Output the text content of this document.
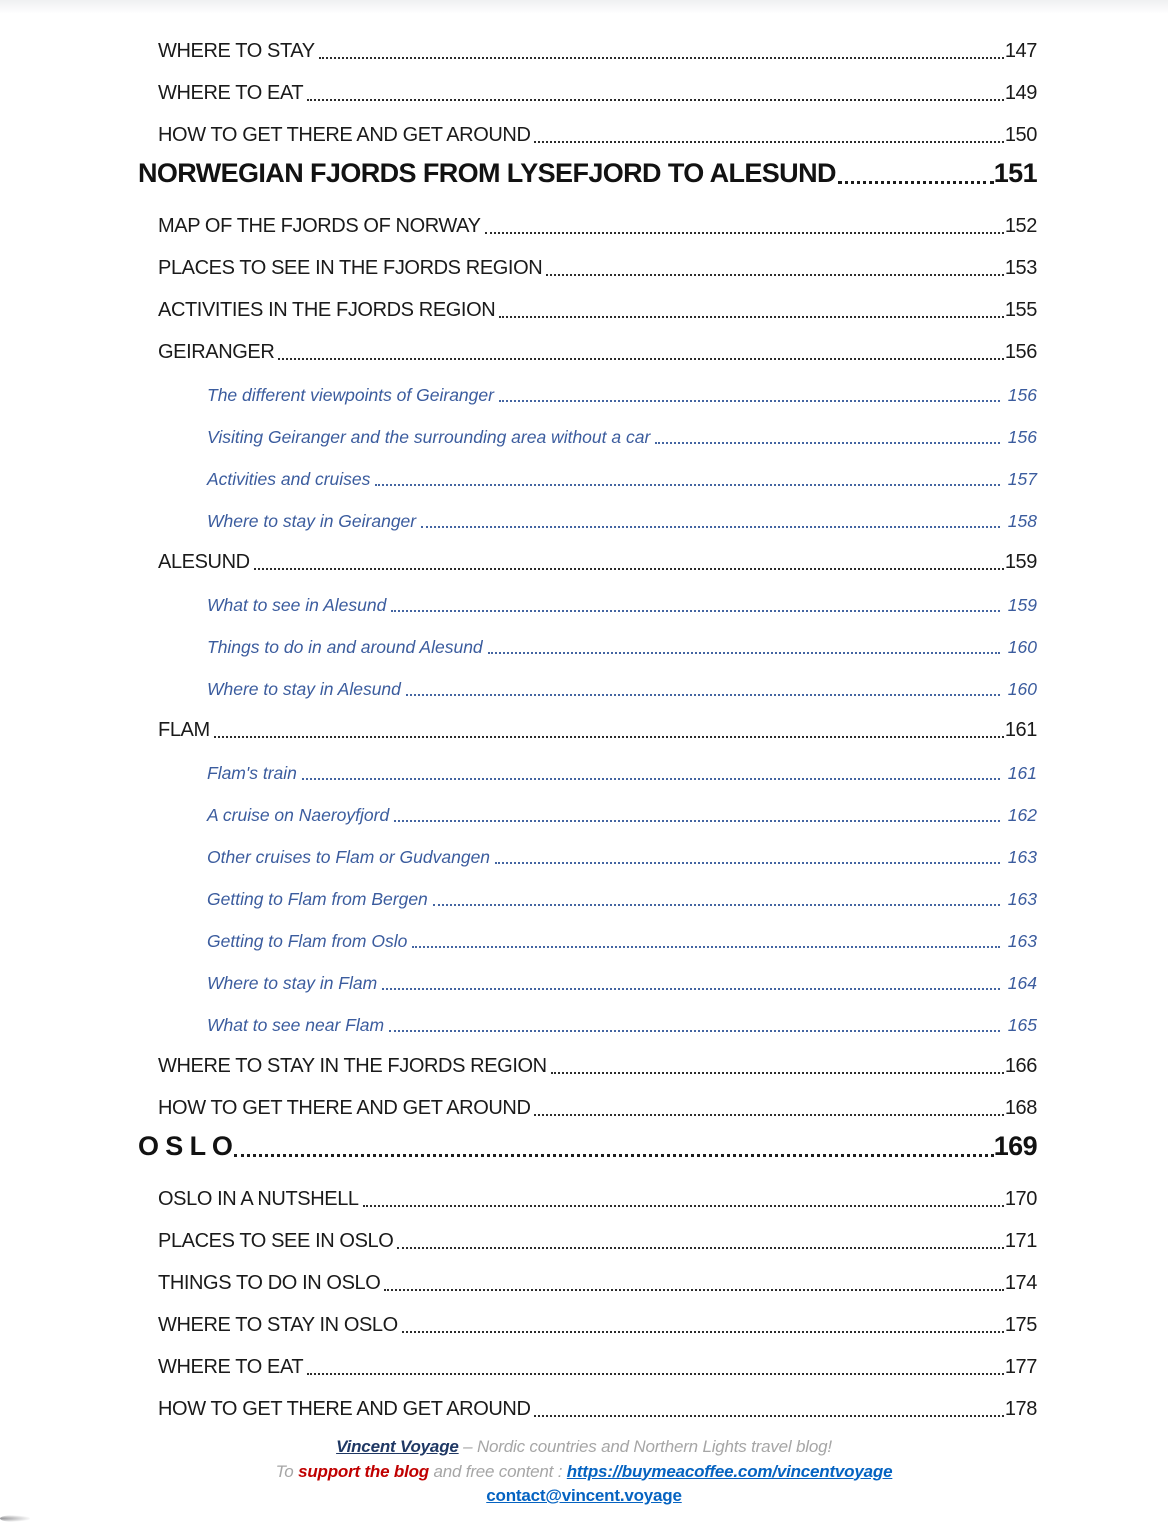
WHERE TO STAY	147
WHERE TO EAT	149
HOW TO GET THERE AND GET AROUND	150
NORWEGIAN FJORDS FROM LYSEFJORD TO ALESUND	151
MAP OF THE FJORDS OF NORWAY	152
PLACES TO SEE IN THE FJORDS REGION	153
ACTIVITIES IN THE FJORDS REGION	155
GEIRANGER	156
The different viewpoints of Geiranger	156
Visiting Geiranger and the surrounding area without a car	156
Activities and cruises	157
Where to stay in Geiranger	158
ALESUND	159
What to see in Alesund	159
Things to do in and around Alesund	160
Where to stay in Alesund	160
FLAM	161
Flam's train	161
A cruise on Naeroyfjord	162
Other cruises to Flam or Gudvangen	163
Getting to Flam from Bergen	163
Getting to Flam from Oslo	163
Where to stay in Flam	164
What to see near Flam	165
WHERE TO STAY IN THE FJORDS REGION	166
HOW TO GET THERE AND GET AROUND	168
O S L O	169
OSLO IN A NUTSHELL	170
PLACES TO SEE IN OSLO	171
THINGS TO DO IN OSLO	174
WHERE TO STAY IN OSLO	175
WHERE TO EAT	177
HOW TO GET THERE AND GET AROUND	178
Vincent Voyage – Nordic countries and Northern Lights travel blog!
To support the blog and free content : https://buymeacoffee.com/vincentvoyage
contact@vincent.voyage
